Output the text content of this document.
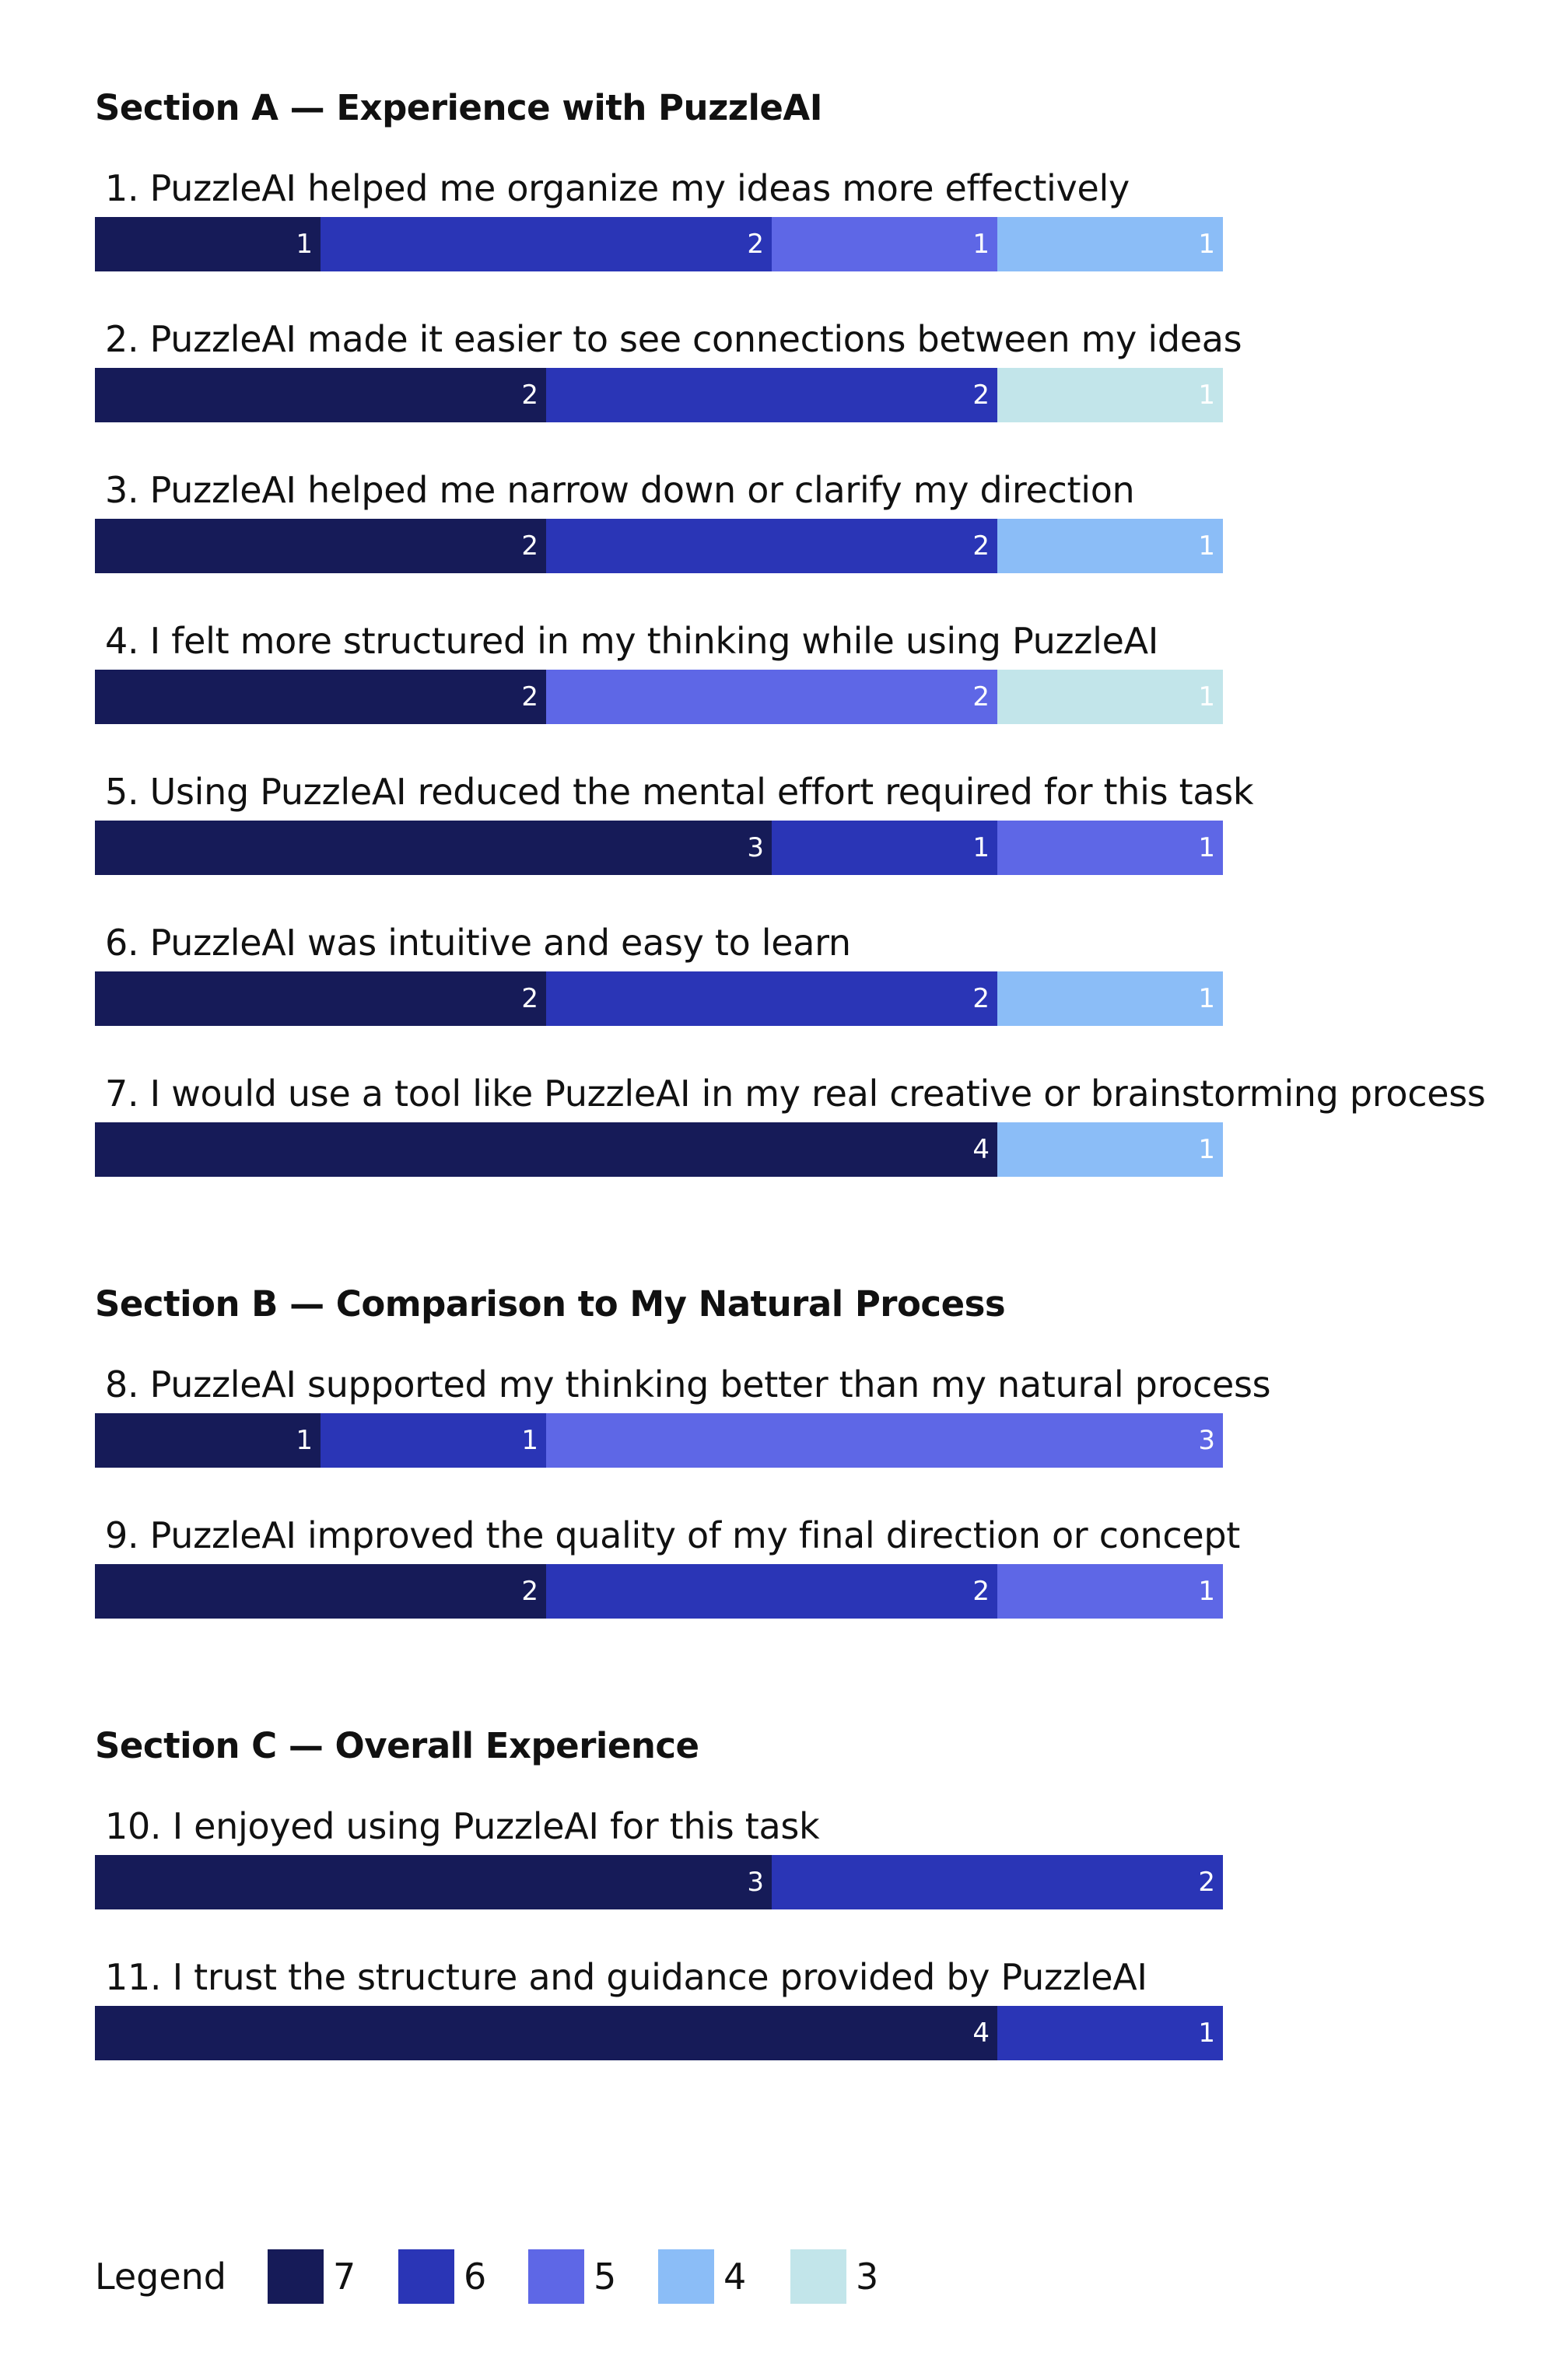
Section A — Experience with PuzzleAI
1. PuzzleAI helped me organize my ideas more effectively
1	2	1	1
2. PuzzleAI made it easier to see connections between my ideas
2	2	1
3. PuzzleAI helped me narrow down or clarify my direction
2	2	1
4. I felt more structured in my thinking while using PuzzleAI
2	2	1
5. Using PuzzleAI reduced the mental effort required for this task
3	1	1
6. PuzzleAI was intuitive and easy to learn
2	2	1
7. I would use a tool like PuzzleAI in my real creative or brainstorming process
4	1
Section B — Comparison to My Natural Process
8. PuzzleAI supported my thinking better than my natural process
1	1	3
9. PuzzleAI improved the quality of my final direction or concept
2	2	1
Section C — Overall Experience
10. I enjoyed using PuzzleAI for this task
3	2
11. I trust the structure and guidance provided by PuzzleAI
4	1
Legend	7	6	5	4	3
